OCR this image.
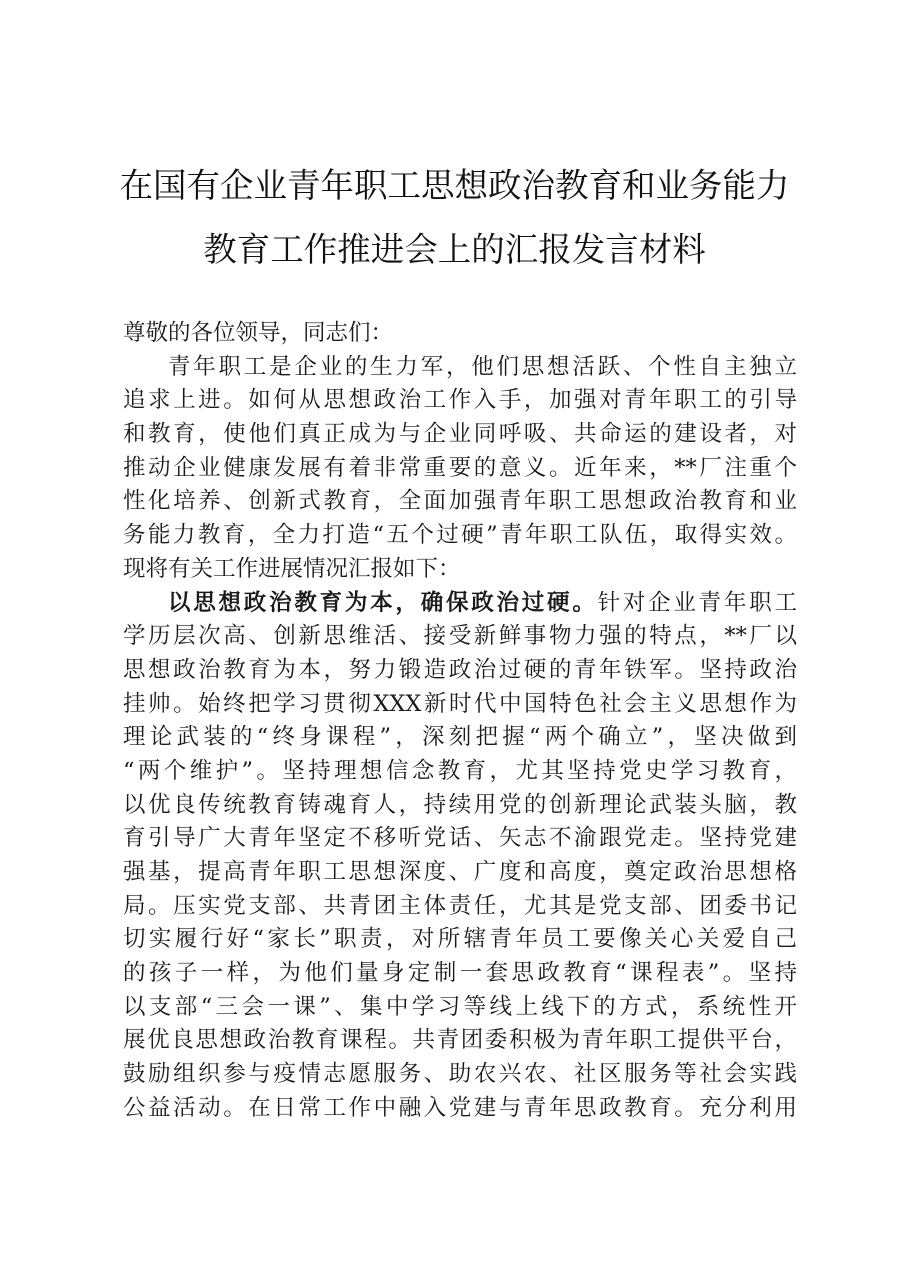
在国有企业青年职工思想政治教育和业务能力
教育工作推进会上的汇报发言材料
尊敬的各位领导，同志们：
青年职工是企业的生力军，他们思想活跃、个性自主独立
追求上进。如何从思想政治工作入手，加强对青年职工的引导
和教育，使他们真正成为与企业同呼吸、共命运的建设者，对
推动企业健康发展有着非常重要的意义。近年来，**厂注重个
性化培养、创新式教育，全面加强青年职工思想政治教育和业
务能力教育，全力打造“五个过硬”青年职工队伍，取得实效。
现将有关工作进展情况汇报如下：
以思想政治教育为本，确保政治过硬。针对企业青年职工
学历层次高、创新思维活、接受新鲜事物力强的特点，**厂以
思想政治教育为本，努力锻造政治过硬的青年铁军。坚持政治
挂帅。始终把学习贯彻XXX新时代中国特色社会主义思想作为
理论武装的“终身课程”，深刻把握“两个确立”，坚决做到
“两个维护”。坚持理想信念教育，尤其坚持党史学习教育，
以优良传统教育铸魂育人，持续用党的创新理论武装头脑，教
育引导广大青年坚定不移听党话、矢志不渝跟党走。坚持党建
强基，提高青年职工思想深度、广度和高度，奠定政治思想格
局。压实党支部、共青团主体责任，尤其是党支部、团委书记
切实履行好“家长”职责，对所辖青年员工要像关心关爱自己
的孩子一样，为他们量身定制一套思政教育“课程表”。坚持
以支部“三会一课”、集中学习等线上线下的方式，系统性开
展优良思想政治教育课程。共青团委积极为青年职工提供平台，
鼓励组织参与疫情志愿服务、助农兴农、社区服务等社会实践
公益活动。在日常工作中融入党建与青年思政教育。充分利用
